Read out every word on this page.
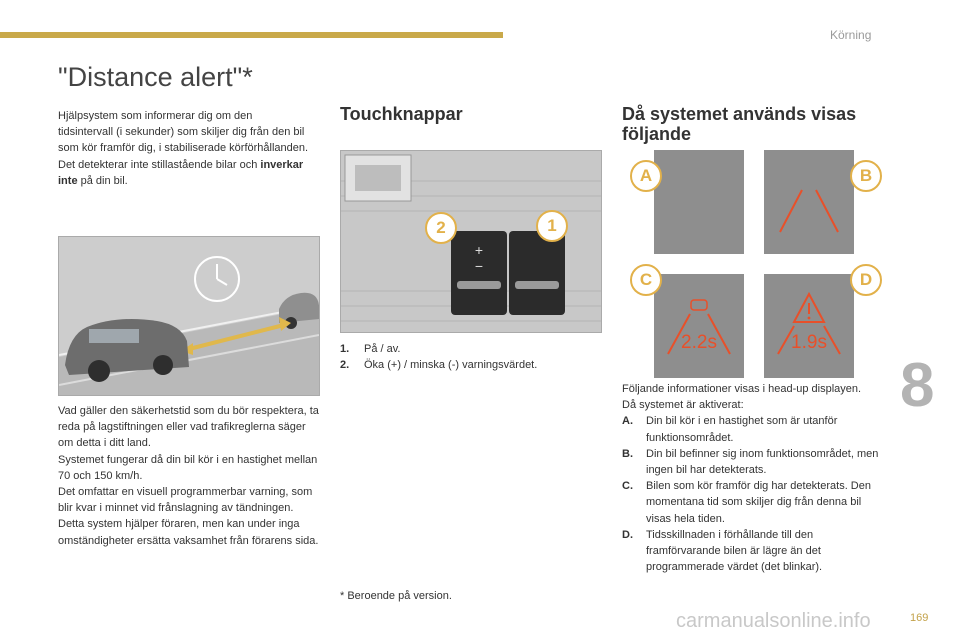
Körning
"Distance alert"*

Hjälpsystem som informerar dig om den tidsintervall (i sekunder) som skiljer dig från den bil som kör framför dig, i stabiliserade körförhållanden.

Det detekterar inte stillastående bilar och inverkar inte på din bil.

Vad gäller den säkerhetstid som du bör respektera, ta reda på lagstiftningen eller vad trafikreglerna säger om detta i ditt land.

Systemet fungerar då din bil kör i en hastighet mellan 70 och 150 km/h.

Det omfattar en visuell programmerbar varning, som blir kvar i minnet vid frånslagning av tändningen.

Detta system hjälper föraren, men kan under inga omständigheter ersätta vaksamhet från förarens sida.

Touchknappar
+
−
2	1
1.	På / av.
2.	Öka (+) / minska (-) varningsvärdet.
* Beroende på version.
Då systemet används visas följande
A	B
2.2s
C
1.9s
D

Följande informationer visas i head-up displayen.

Då systemet är aktiverat:

A.	Din bil kör i en hastighet som är utanför funktionsområdet.
B.	Din bil befinner sig inom funktionsområdet, men ingen bil har detekterats.
C.	Bilen som kör framför dig har detekterats. Den momentana tid som skiljer dig från denna bil visas hela tiden.
D.	Tidsskillnaden i förhållande till den framförvarande bilen är lägre än det programmerade värdet (det blinkar).
8
carmanualsonline.info	169
